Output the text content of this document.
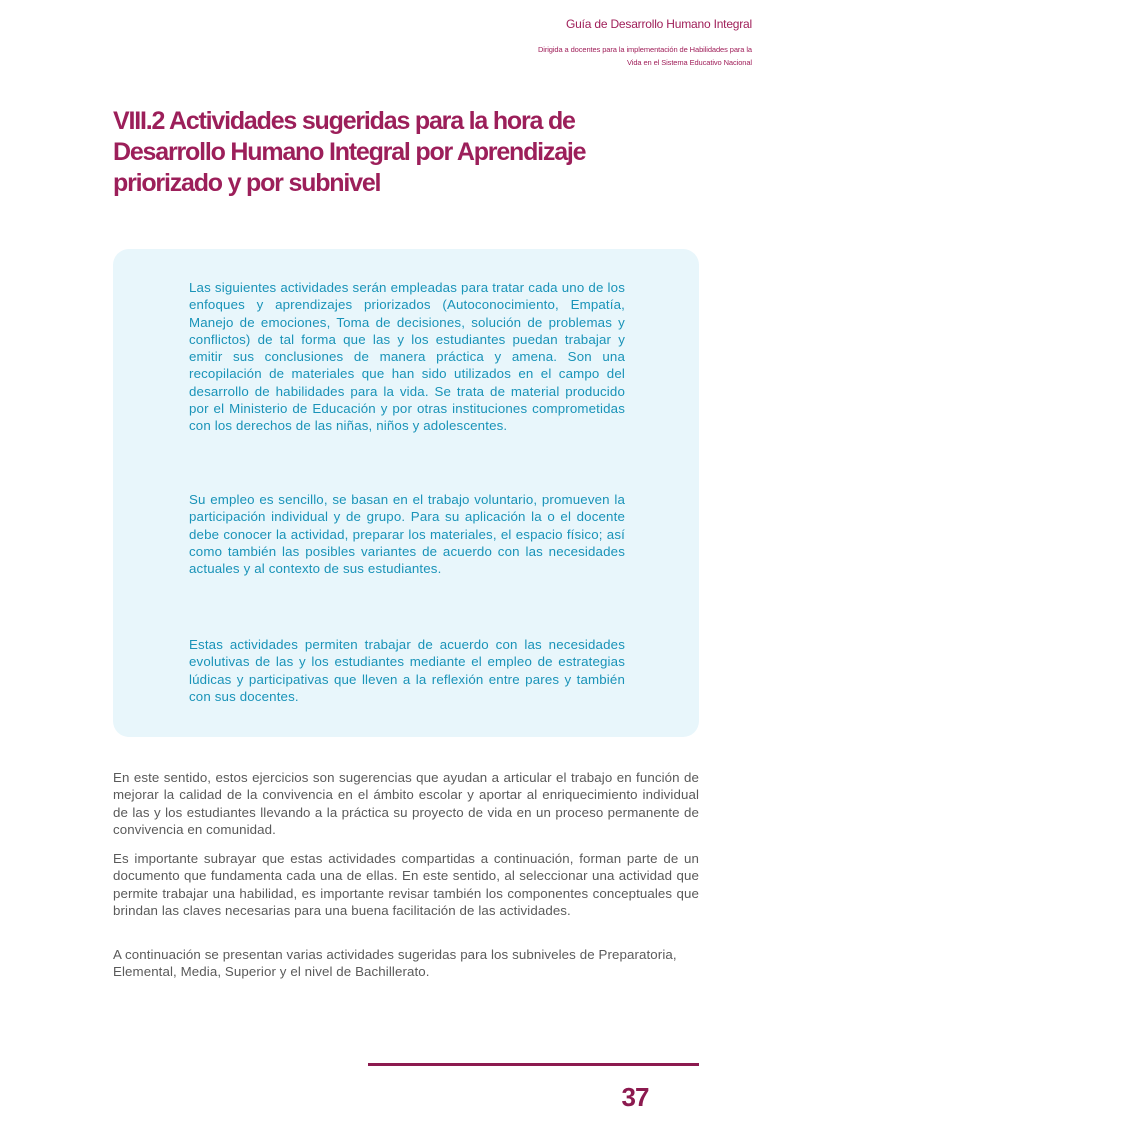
Guía de Desarrollo Humano Integral
Dirigida a docentes para la implementación de Habilidades para la
Vida en el Sistema Educativo Nacional
VIII.2 Actividades sugeridas para la hora de Desarrollo Humano Integral por Aprendizaje priorizado y por subnivel

Las siguientes actividades serán empleadas para tratar cada uno de los enfoques y aprendizajes priorizados (Autoconocimiento, Empatía, Manejo de emociones, Toma de decisiones, solución de problemas y conflictos) de tal forma que las y los estudiantes puedan trabajar y emitir sus conclusiones de manera práctica y amena. Son una recopilación de materiales que han sido utilizados en el campo del desarrollo de habilidades para la vida. Se trata de material producido por el Ministerio de Educación y por otras instituciones comprometidas con los derechos de las niñas, niños y adolescentes.

Su empleo es sencillo, se basan en el trabajo voluntario, promueven la participación individual y de grupo. Para su aplicación la o el docente debe conocer la actividad, preparar los materiales, el espacio físico; así como también las posibles variantes de acuerdo con las necesidades actuales y al contexto de sus estudiantes.

Estas actividades permiten trabajar de acuerdo con las necesidades evolutivas de las y los estudiantes mediante el empleo de estrategias lúdicas y participativas que lleven a la reflexión entre pares y también con sus docentes.

En este sentido, estos ejercicios son sugerencias que ayudan a articular el trabajo en función de mejorar la calidad de la convivencia en el ámbito escolar y aportar al enriquecimiento individual de las y los estudiantes llevando a la práctica su proyecto de vida en un proceso permanente de convivencia en comunidad.

Es importante subrayar que estas actividades compartidas a continuación, forman parte de un documento que fundamenta cada una de ellas. En este sentido, al seleccionar una actividad que permite trabajar una habilidad, es importante revisar también los componentes conceptuales que brindan las claves necesarias para una buena facilitación de las actividades.

A continuación se presentan varias actividades sugeridas para los subniveles de Preparatoria, Elemental, Media, Superior y el nivel de Bachillerato.

37
